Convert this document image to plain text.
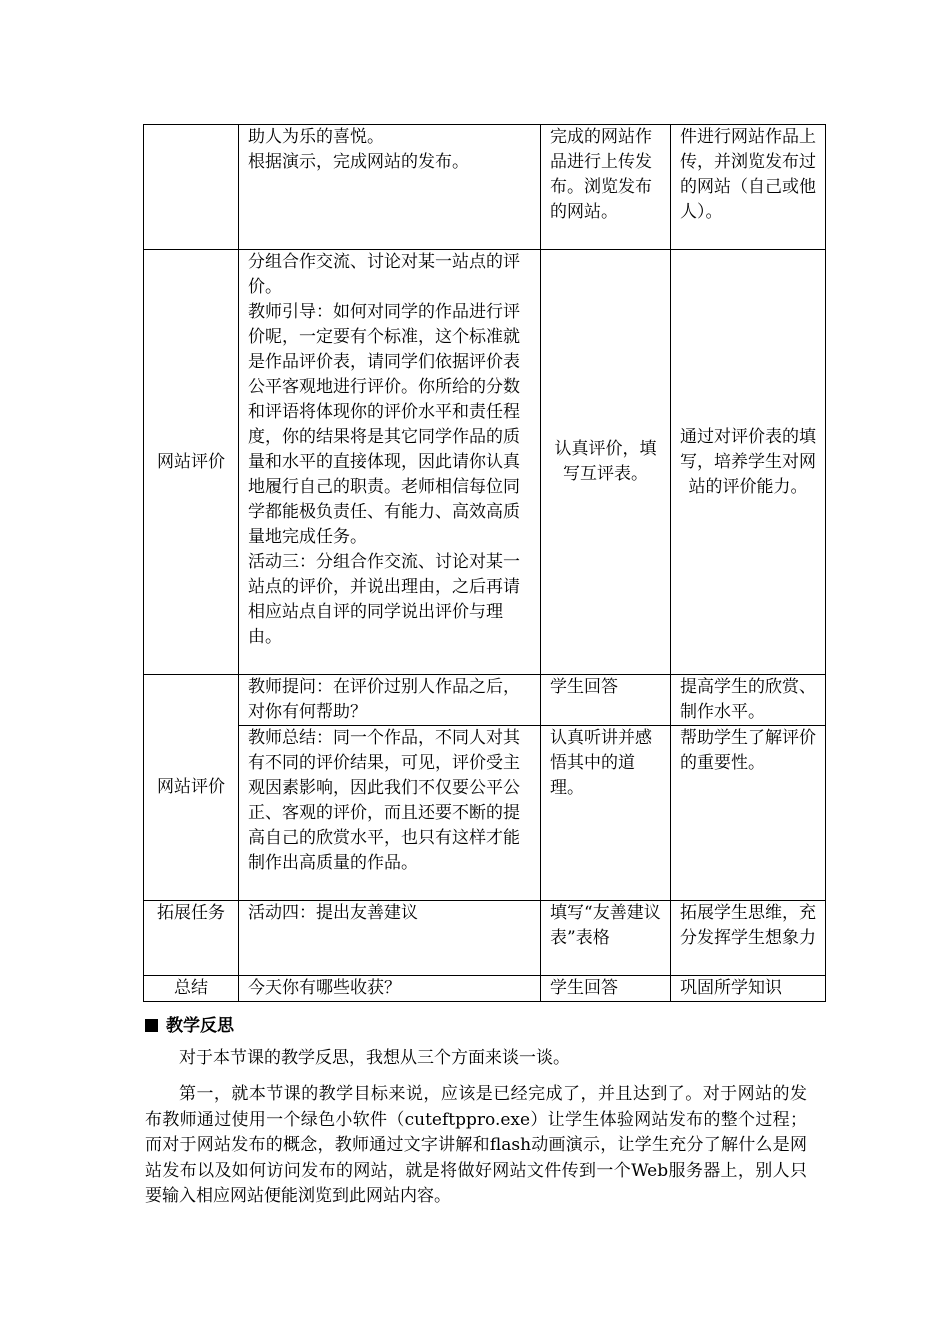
	助人为乐的喜悦。
根据演示，完成网站的发布。	完成的网站作品进行上传发布。浏览发布的网站。	件进行网站作品上传，并浏览发布过的网站（自己或他人）。
网站评价	分组合作交流、讨论对某一站点的评价。
教师引导：如何对同学的作品进行评价呢，一定要有个标准，这个标准就是作品评价表，请同学们依据评价表公平客观地进行评价。你所给的分数和评语将体现你的评价水平和责任程度，你的结果将是其它同学作品的质量和水平的直接体现，因此请你认真地履行自己的职责。老师相信每位同学都能极负责任、有能力、高效高质量地完成任务。
活动三：分组合作交流、讨论对某一站点的评价，并说出理由，之后再请相应站点自评的同学说出评价与理由。	认真评价，填写互评表。	通过对评价表的填写，培养学生对网站的评价能力。
网站评价	教师提问：在评价过别人作品之后，对你有何帮助？	学生回答	提高学生的欣赏、制作水平。

	教师总结：同一个作品，不同人对其有不同的评价结果，可见，评价受主观因素影响，因此我们不仅要公平公正、客观的评价，而且还要不断的提高自己的欣赏水平，也只有这样才能制作出高质量的作品。	认真听讲并感悟其中的道理。	帮助学生了解评价的重要性。
拓展任务	活动四：提出友善建议	填写“友善建议表”表格	拓展学生思维，充分发挥学生想象力
总结	今天你有哪些收获？	学生回答	巩固所学知识
教学反思
对于本节课的教学反思，我想从三个方面来谈一谈。
第一，就本节课的教学目标来说，应该是已经完成了，并且达到了。对于网站的发布教师通过使用一个绿色小软件（cuteftppro.exe）让学生体验网站发布的整个过程；而对于网站发布的概念，教师通过文字讲解和flash动画演示，让学生充分了解什么是网站发布以及如何访问发布的网站，就是将做好网站文件传到一个Web服务器上，别人只要输入相应网站便能浏览到此网站内容。
